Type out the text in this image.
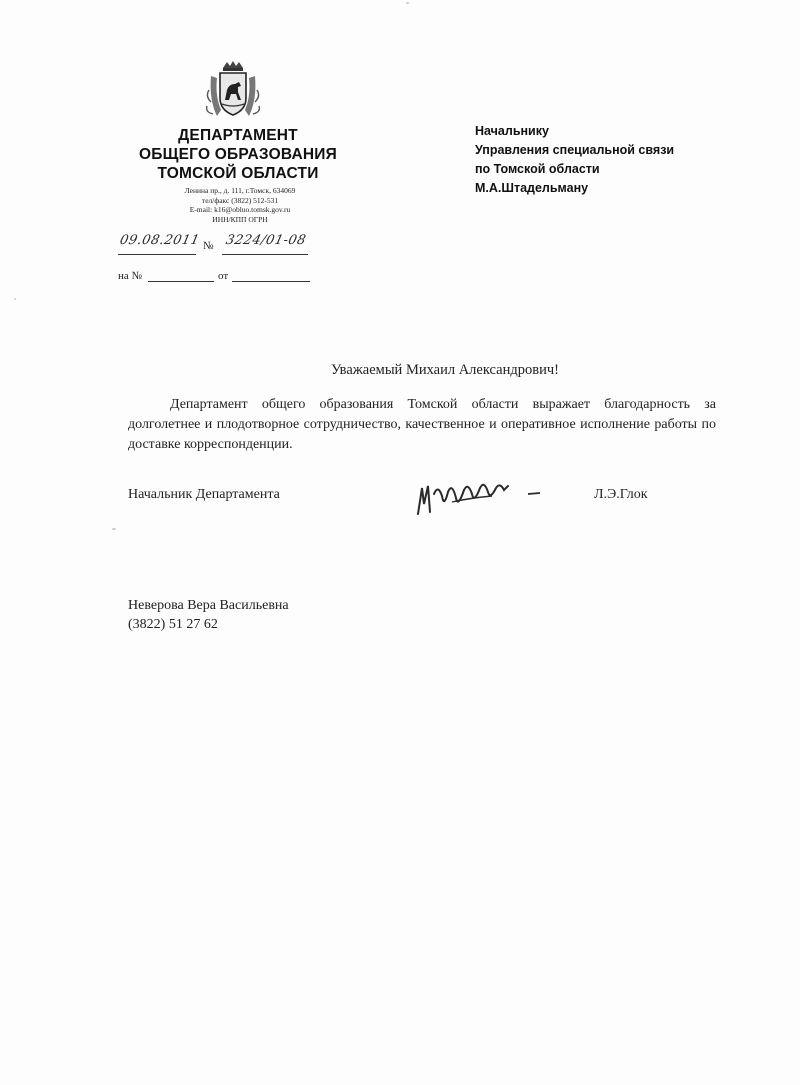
ДЕПАРТАМЕНТ
ОБЩЕГО ОБРАЗОВАНИЯ
ТОМСКОЙ ОБЛАСТИ
Ленина пр., д. 111, г.Томск, 634069
тел/факс (3822) 512-531
E-mail: k16@obluo.tomsk.gov.ru
ИНН/КПП ОГРН
09.08.2011 № 3224/01-08
на №	от
Начальнику
Управления специальной связи
по Томской области
М.А.Штадельману
Уважаемый Михаил Александрович!
Департамент общего образования Томской области выражает благодарность за долголетнее и плодотворное сотрудничество, качественное и оперативное исполнение работы по доставке корреспонденции.
Начальник Департамента	Л.Э.Глок
Неверова Вера Васильевна
(3822) 51 27 62
